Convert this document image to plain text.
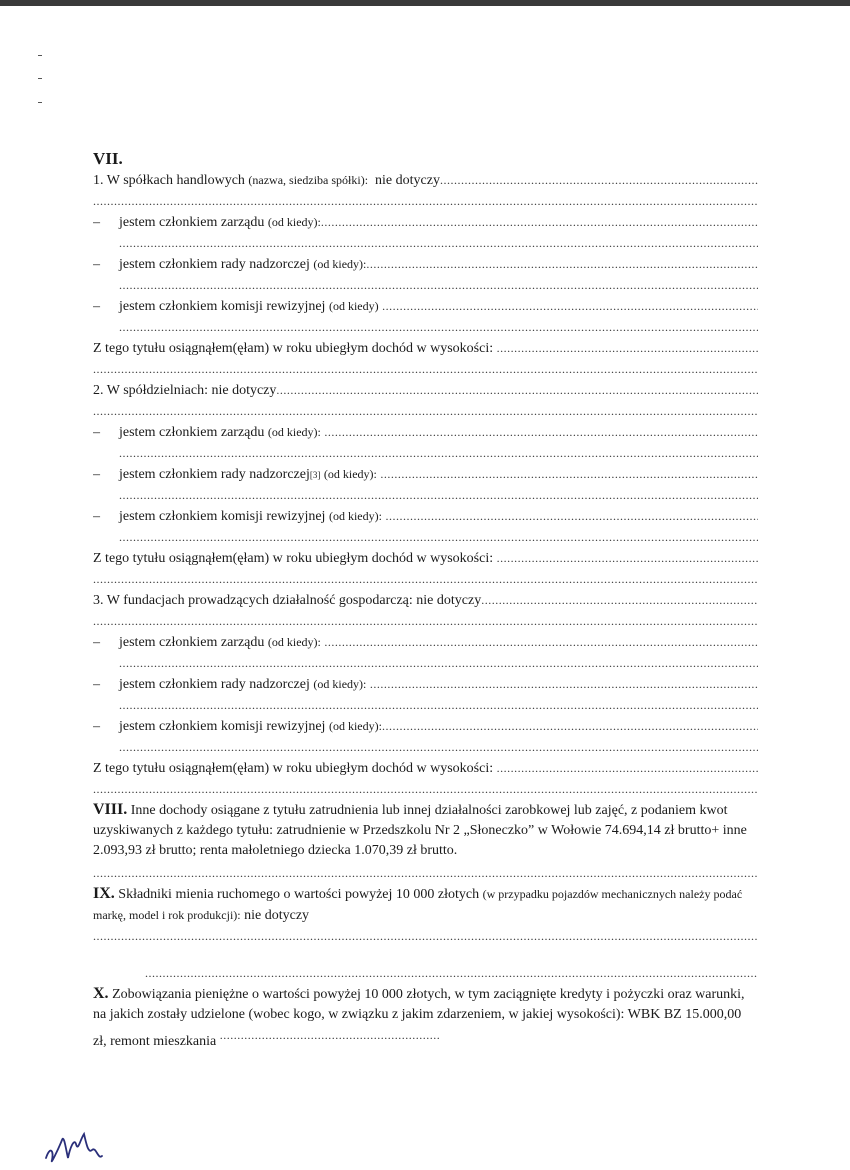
VII.
1. W spółkach handlowych
(nazwa, siedziba spółki):
nie dotyczy
.....
.....
–	jestem członkiem zarządu
(od kiedy):
.....
.....
–	jestem członkiem rady nadzorczej
(od kiedy):
.....
.....
–	jestem członkiem komisji rewizyjnej
(od kiedy)

.....
.....
Z tego tytułu osiągnąłem(ęłam) w roku ubiegłym dochód w wysokości:

.....
.....
2. W spółdzielniach:
nie dotyczy
.....
.....
–	jestem członkiem zarządu
(od kiedy):

.....
.....
–	jestem członkiem rady nadzorczej [3]
(od kiedy):

.....
.....
–	jestem członkiem komisji rewizyjnej
(od kiedy):

.....
.....
Z tego tytułu osiągnąłem(ęłam) w roku ubiegłym dochód w wysokości:

.....
.....
3. W fundacjach prowadzących działalność gospodarczą:
nie dotyczy
.....
.....
–	jestem członkiem zarządu
(od kiedy):

.....
.....
–	jestem członkiem rady nadzorczej
(od kiedy):

.....
.....
–	jestem członkiem komisji rewizyjnej
(od kiedy):
.....
.....
Z tego tytułu osiągnąłem(ęłam) w roku ubiegłym dochód w wysokości:

.....
.....
VIII. Inne dochody osiągane z tytułu zatrudnienia lub innej działalności zarobkowej lub zajęć, z podaniem kwot uzyskiwanych z każdego tytułu: zatrudnienie w Przedszkolu Nr 2 „Słoneczko” w Wołowie 74.694,14 zł brutto+ inne 2.093,93 zł brutto; renta małoletniego dziecka 1.070,39 zł brutto.
.....
IX. Składniki mienia ruchomego o wartości powyżej 10 000 złotych (w przypadku pojazdów mechanicznych należy podać markę, model i rok produkcji): nie dotyczy
.....
.....
X. Zobowiązania pieniężne o wartości powyżej 10 000 złotych, w tym zaciągnięte kredyty i pożyczki oraz warunki, na jakich zostały udzielone (wobec kogo, w związku z jakim zdarzeniem, w jakiej wysokości): WBK BZ 15.000,00 zł, remont mieszkania .....
